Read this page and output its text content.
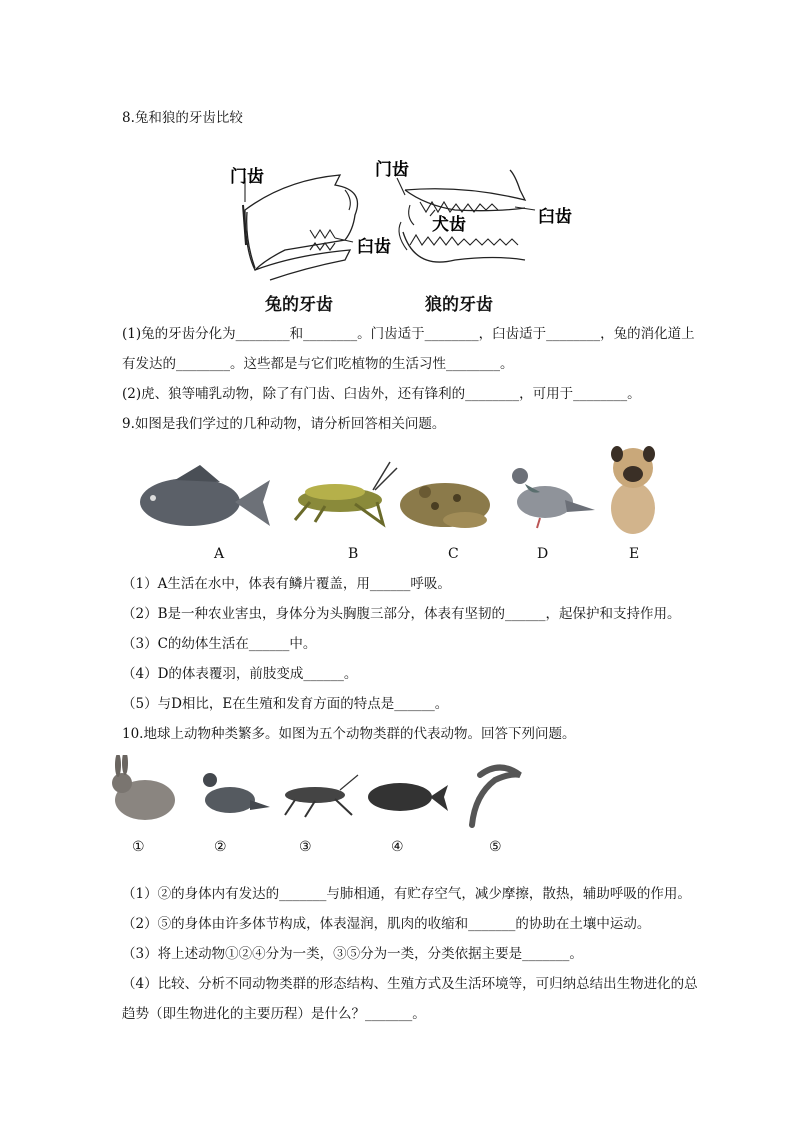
8.兔和狼的牙齿比较
门齿
臼齿
门齿
犬齿	臼齿
兔的牙齿	狼的牙齿
(1)兔的牙齿分化为________和________。门齿适于________，臼齿适于________，兔的消化道上
有发达的________。这些都是与它们吃植物的生活习性________。
(2)虎、狼等哺乳动物，除了有门齿、臼齿外，还有锋利的________，可用于________。
9.如图是我们学过的几种动物，请分析回答相关问题。
A	B	C	D	E
（1）A生活在水中，体表有鳞片覆盖，用______呼吸。
（2）B是一种农业害虫，身体分为头胸腹三部分，体表有坚韧的______，起保护和支持作用。
（3）C的幼体生活在______中。
（4）D的体表覆羽，前肢变成______。
（5）与D相比，E在生殖和发育方面的特点是______。
10.地球上动物种类繁多。如图为五个动物类群的代表动物。回答下列问题。
①	②	③	④	⑤
（1）②的身体内有发达的_______与肺相通，有贮存空气，减少摩擦，散热，辅助呼吸的作用。
（2）⑤的身体由许多体节构成，体表湿润，肌肉的收缩和_______的协助在土壤中运动。
（3）将上述动物①②④分为一类，③⑤分为一类，分类依据主要是_______。
（4）比较、分析不同动物类群的形态结构、生殖方式及生活环境等，可归纳总结出生物进化的总
趋势（即生物进化的主要历程）是什么？_______。
